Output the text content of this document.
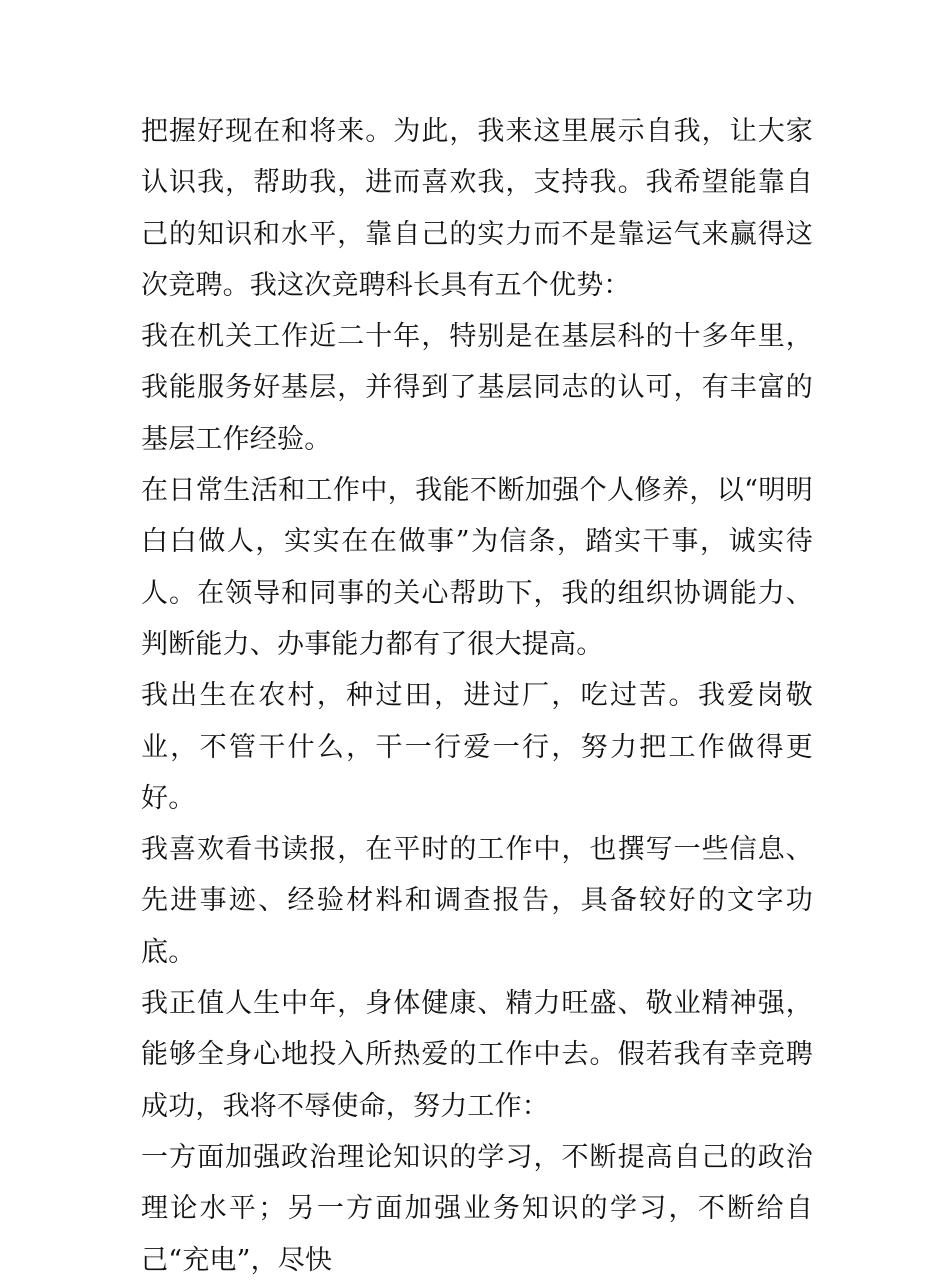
把握好现在和将来。为此，我来这里展示自我，让大家认识我，帮助我，进而喜欢我，支持我。我希望能靠自己的知识和水平，靠自己的实力而不是靠运气来赢得这次竞聘。我这次竞聘科长具有五个优势：

我在机关工作近二十年，特别是在基层科的十多年里，我能服务好基层，并得到了基层同志的认可，有丰富的基层工作经验。

在日常生活和工作中，我能不断加强个人修养，以“明明白白做人，实实在在做事”为信条，踏实干事，诚实待人。在领导和同事的关心帮助下，我的组织协调能力、判断能力、办事能力都有了很大提高。

我出生在农村，种过田，进过厂，吃过苦。我爱岗敬业，不管干什么，干一行爱一行，努力把工作做得更好。

我喜欢看书读报，在平时的工作中，也撰写一些信息、先进事迹、经验材料和调查报告，具备较好的文字功底。

我正值人生中年，身体健康、精力旺盛、敬业精神强，能够全身心地投入所热爱的工作中去。假若我有幸竞聘成功，我将不辱使命，努力工作：

一方面加强政治理论知识的学习，不断提高自己的政治理论水平；另一方面加强业务知识的学习，不断给自己“充电”，尽快
